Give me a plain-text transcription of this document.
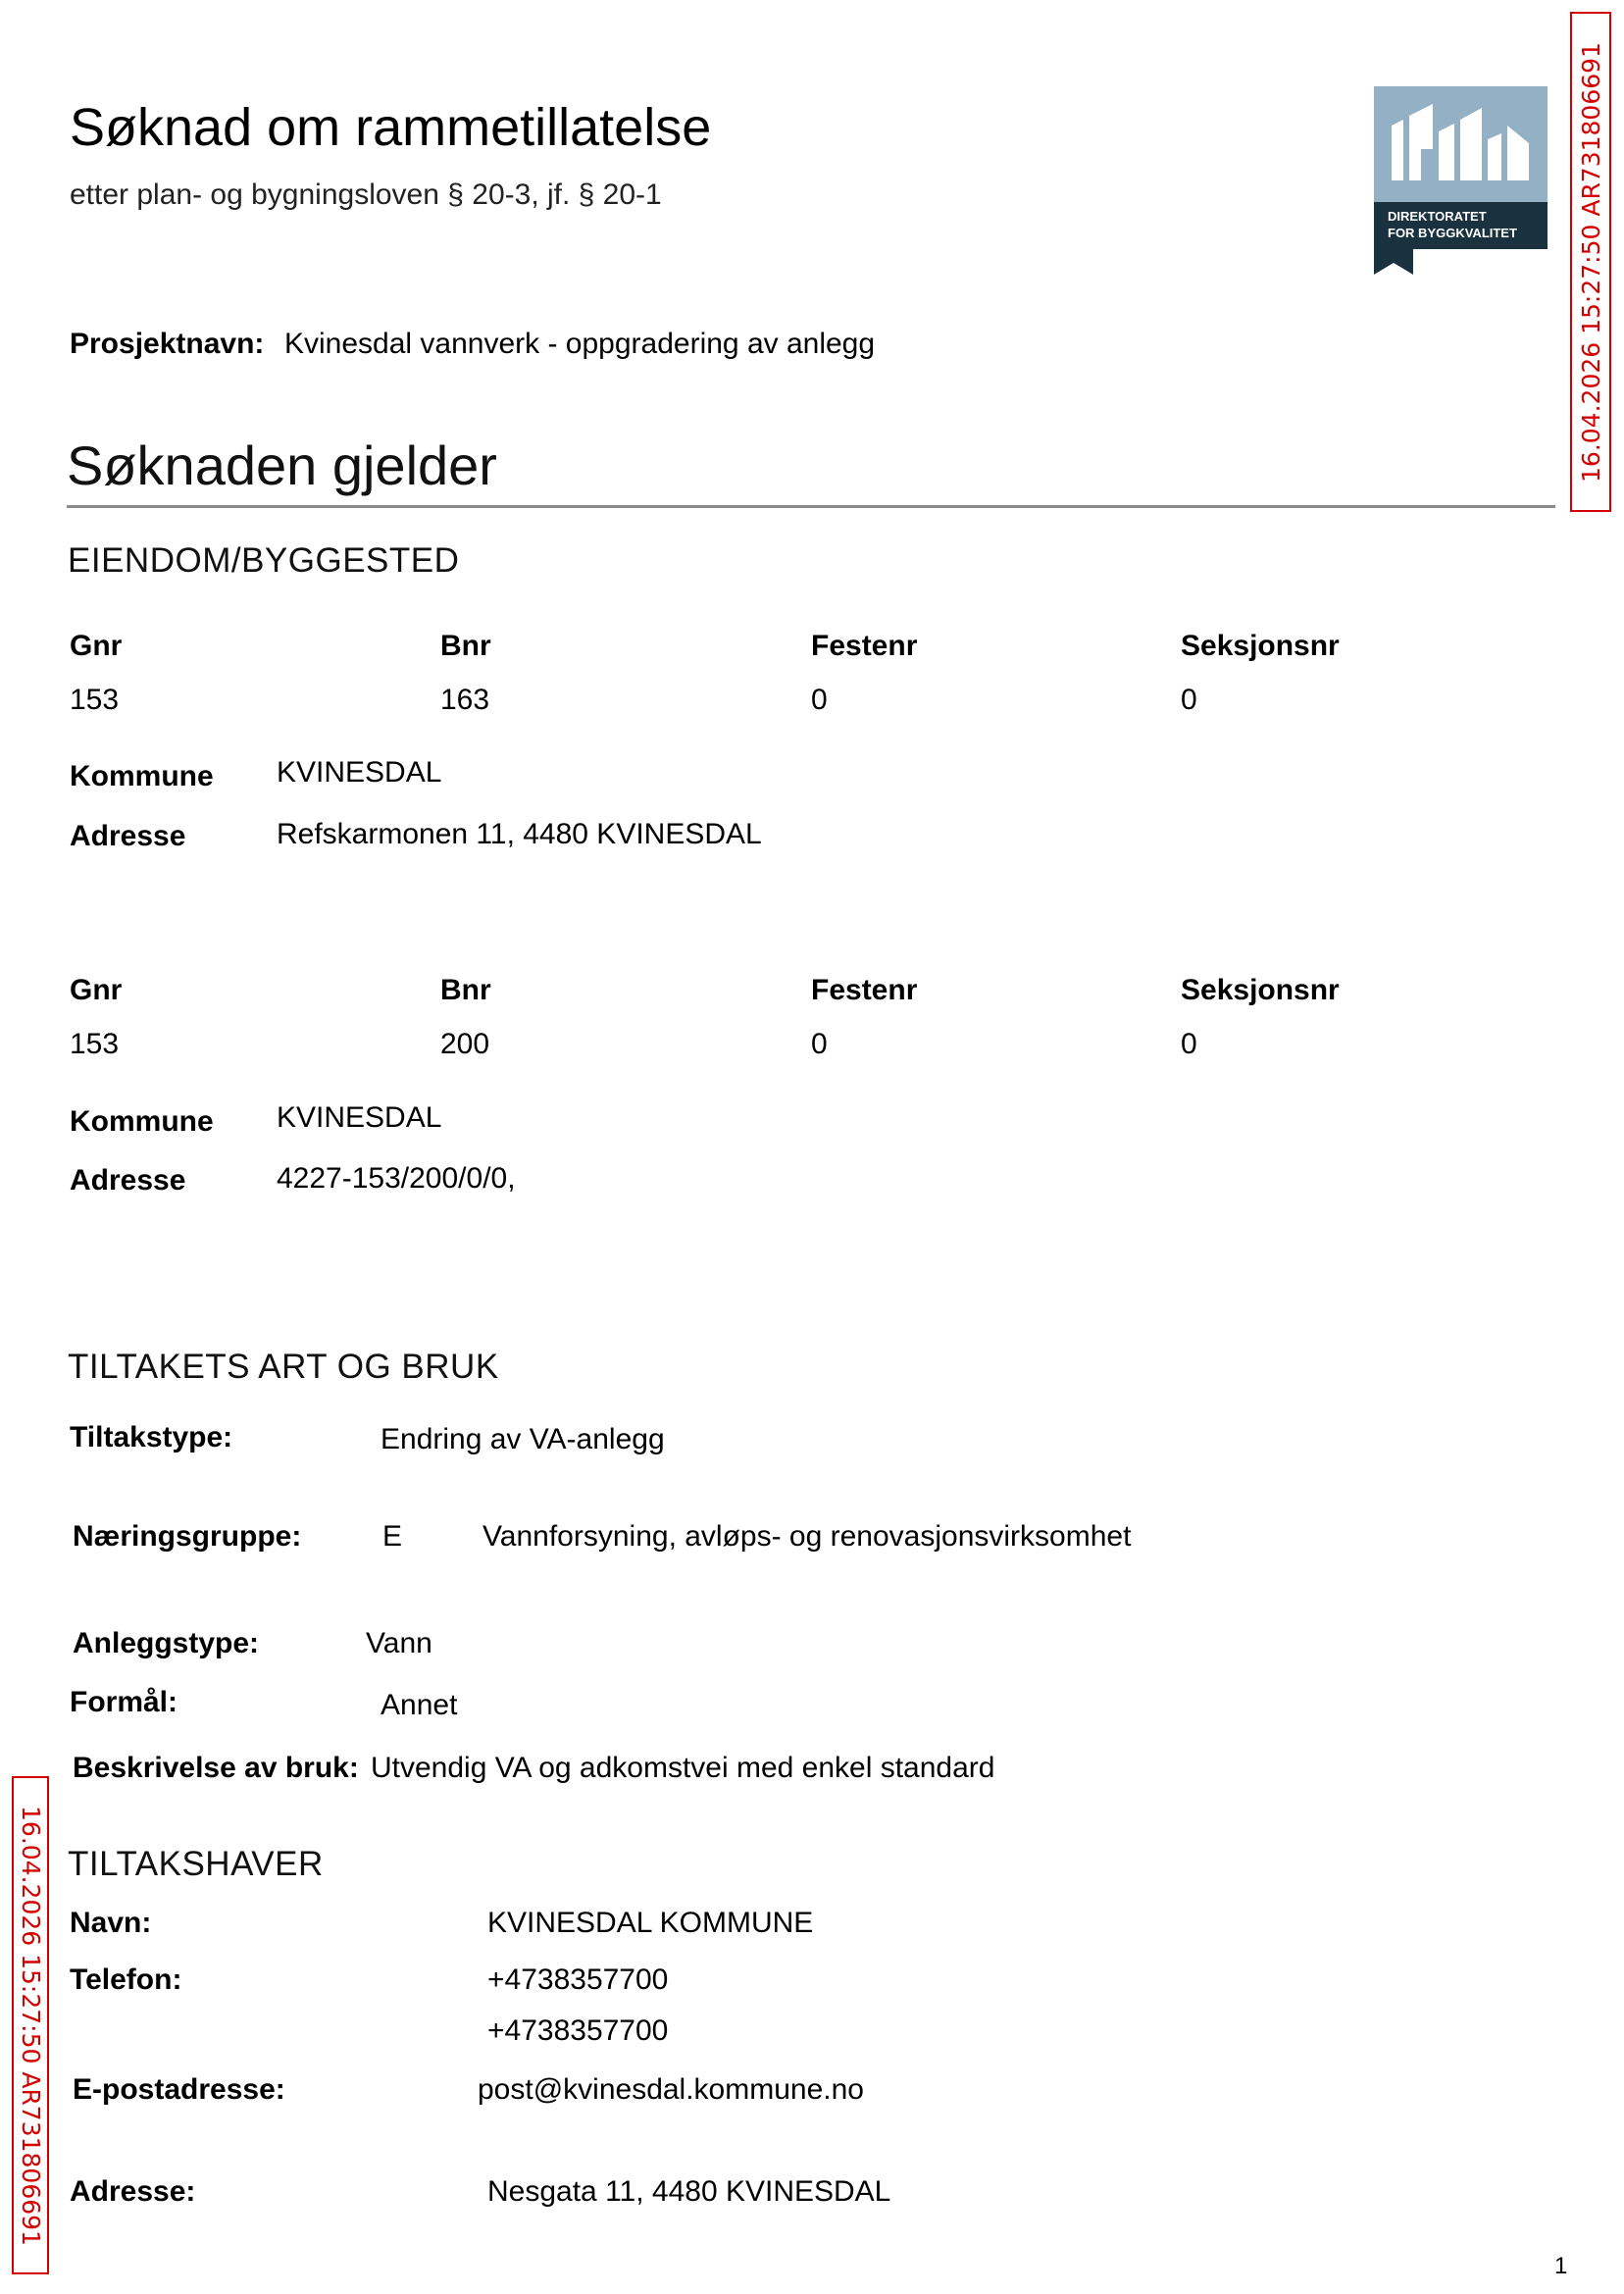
Søknad om rammetillatelse
etter plan- og bygningsloven § 20-3, jf. § 20-1
DIREKTORATET
FOR BYGGKVALITET 16.04.2026 15:27:50 AR731806691
16.04.2026 15:27:50 AR731806691
Prosjektnavn: Kvinesdal vannverk - oppgradering av anlegg
Søknaden gjelder
EIENDOM/BYGGESTED
Gnr	Bnr	Festenr	Seksjonsnr
153	163	0	0
Kommune KVINESDAL
Adresse	Refskarmonen 11, 4480 KVINESDAL
Gnr	Bnr	Festenr	Seksjonsnr
153	200	0	0
Kommune KVINESDAL
Adresse	4227-153/200/0/0,
TILTAKETS ART OG BRUK
Tiltakstype:	Endring av VA-anlegg
Næringsgruppe:	E	Vannforsyning, avløps- og renovasjonsvirksomhet
Anleggstype:	Vann
Formål:	Annet
Beskrivelse av bruk: Utvendig VA og adkomstvei med enkel standard
TILTAKSHAVER
Navn:	KVINESDAL KOMMUNE
Telefon:	+4738357700
+4738357700
E-postadresse:	post@kvinesdal.kommune.no
Adresse:	Nesgata 11, 4480 KVINESDAL
1
